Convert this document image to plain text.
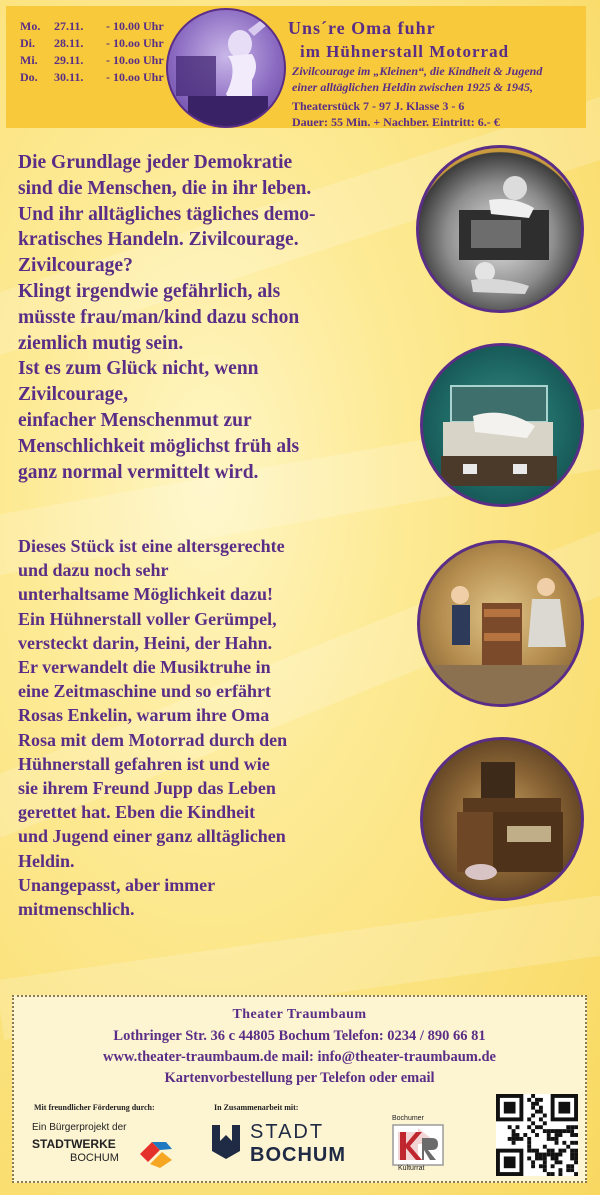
Mo.	27.11.	- 10.00 Uhr
Di.	28.11.	- 10.oo Uhr
Mi.	29.11.	- 10.oo Uhr
Do.	30.11.	- 10.oo Uhr
Uns´re Oma fuhr
im Hühnerstall Motorrad
Zivilcourage im „Kleinen“, die Kindheit & Jugend
einer alltäglichen Heldin zwischen 1925 & 1945,
Theaterstück 7 - 97 J. Klasse 3 - 6
Dauer: 55 Min. + Nachber. Eintritt: 6.- €
Die Grundlage jeder Demokratie
sind die Menschen, die in ihr leben.
Und ihr alltägliches tägliches demo-
kratisches Handeln. Zivilcourage.
Zivilcourage?
Klingt irgendwie gefährlich, als
müsste frau/man/kind dazu schon
ziemlich mutig sein.
Ist es zum Glück nicht, wenn
Zivilcourage,
einfacher Menschenmut zur
Menschlichkeit möglichst früh als
ganz normal vermittelt wird.
Dieses Stück ist eine altersgerechte
und dazu noch sehr
unterhaltsame Möglichkeit dazu!
Ein Hühnerstall voller Gerümpel,
versteckt darin, Heini, der Hahn.
Er verwandelt die Musiktruhe in
eine Zeitmaschine und so erfährt
Rosas Enkelin, warum ihre Oma
Rosa mit dem Motorrad durch den
Hühnerstall gefahren ist und wie
sie ihrem Freund Jupp das Leben
gerettet hat. Eben die Kindheit
und Jugend einer ganz alltäglichen
Heldin.
Unangepasst, aber immer
mitmenschlich.
Theater Traumbaum
Lothringer Str. 36 c 44805 Bochum Telefon: 0234 / 890 66 81
www.theater-traumbaum.de mail: info@theater-traumbaum.de
Kartenvorbestellung per Telefon oder email
Mit freundlicher Förderung durch:	In Zusammenarbeit mit:
Ein Bürgerprojekt der
STADTWERKE
BOCHUM
STADT
BOCHUM
Bochumer
Kulturrat
